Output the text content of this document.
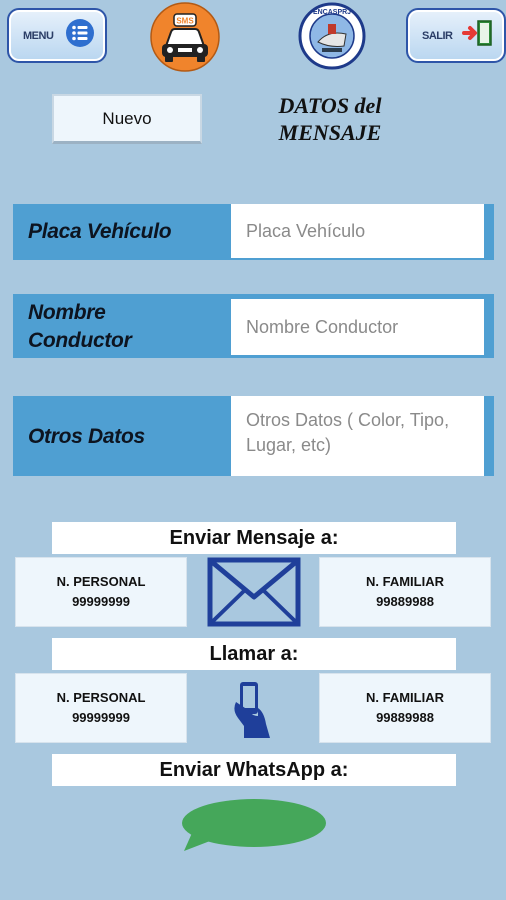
MENU
SMS
ENCASPRJ
SALIR
Nuevo	DATOS del
MENSAJE
Placa Vehículo
Placa Vehículo
Nombre
Conductor
Nombre Conductor
Otros Datos
Otros Datos ( Color, Tipo, Lugar, etc)
Enviar Mensaje a:
N. PERSONAL
99999999
N. FAMILIAR
99889988
Llamar a:
N. PERSONAL
99999999
N. FAMILIAR
99889988
Enviar WhatsApp a:
